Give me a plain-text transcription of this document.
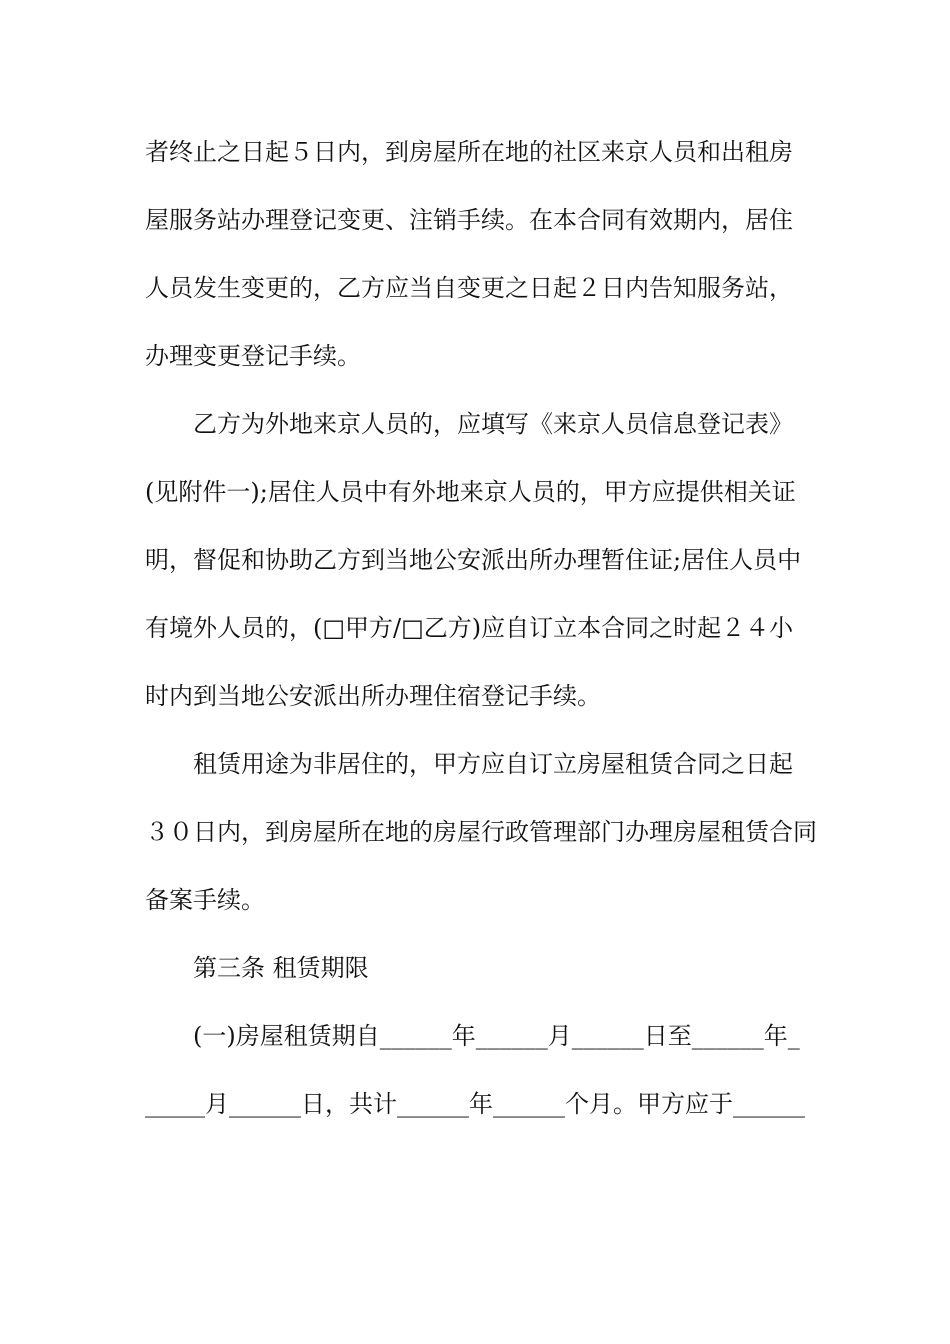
者终止之日起５日内，到房屋所在地的社区来京人员和出租房
屋服务站办理登记变更、注销手续。在本合同有效期内，居住
人员发生变更的，乙方应当自变更之日起２日内告知服务站，
办理变更登记手续。
乙方为外地来京人员的，应填写《来京人员信息登记表》
(见附件一);居住人员中有外地来京人员的，甲方应提供相关证
明，督促和协助乙方到当地公安派出所办理暂住证;居住人员中
有境外人员的，(□甲方/□乙方)应自订立本合同之时起２４小
时内到当地公安派出所办理住宿登记手续。
租赁用途为非居住的，甲方应自订立房屋租赁合同之日起
３０日内，到房屋所在地的房屋行政管理部门办理房屋租赁合同
备案手续。
第三条 租赁期限
(一)房屋租赁期自______年______月______日至______年_
_____月______日，共计______年______个月。甲方应于______
